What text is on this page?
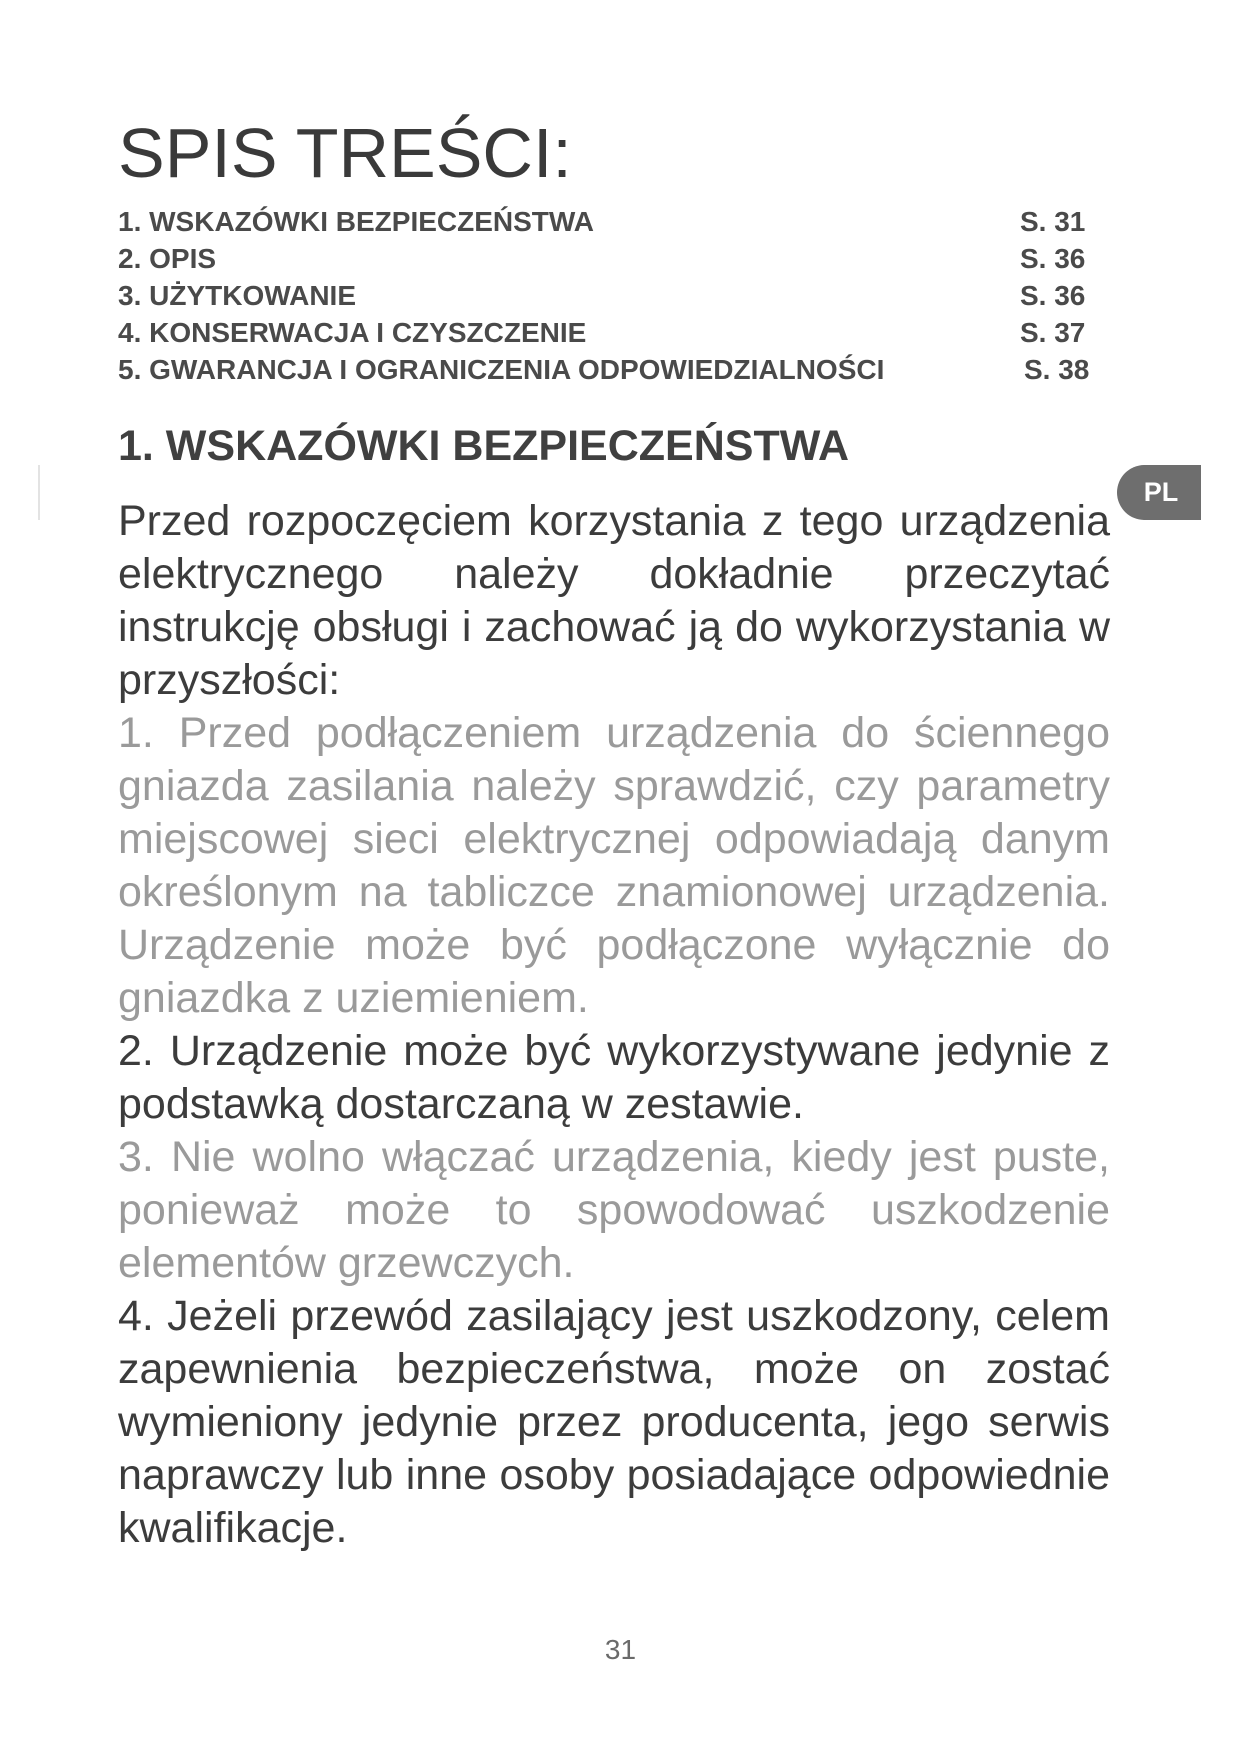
SPIS TREŚCI:
1. WSKAZÓWKI BEZPIECZEŃSTWA	S. 31
2. OPIS	S. 36
3. UŻYTKOWANIE	S. 36
4. KONSERWACJA I CZYSZCZENIE	S. 37
5. GWARANCJA I OGRANICZENIA ODPOWIEDZIALNOŚCI	S. 38
1. WSKAZÓWKI BEZPIECZEŃSTWA
PL

Przed rozpoczęciem korzystania z tego urządzenia elektrycznego należy dokładnie przeczytać instrukcję obsługi i zachować ją do wykorzystania w przyszłości:

1. Przed podłączeniem urządzenia do ściennego gniazda zasilania należy sprawdzić, czy parametry miejscowej sieci elektrycznej odpowiadają danym określonym na tabliczce znamionowej urządzenia. Urządzenie może być podłączone wyłącznie do gniazdka z uziemieniem.

2. Urządzenie może być wykorzystywane jedynie z podstawką dostarczaną w zestawie.

3. Nie wolno włączać urządzenia, kiedy jest puste, ponieważ może to spowodować uszkodzenie elementów grzewczych.

4. Jeżeli przewód zasilający jest uszkodzony, celem zapewnienia bezpieczeństwa, może on zostać wymieniony jedynie przez producenta, jego serwis naprawczy lub inne osoby posiadające odpowiednie kwalifikacje.

31
